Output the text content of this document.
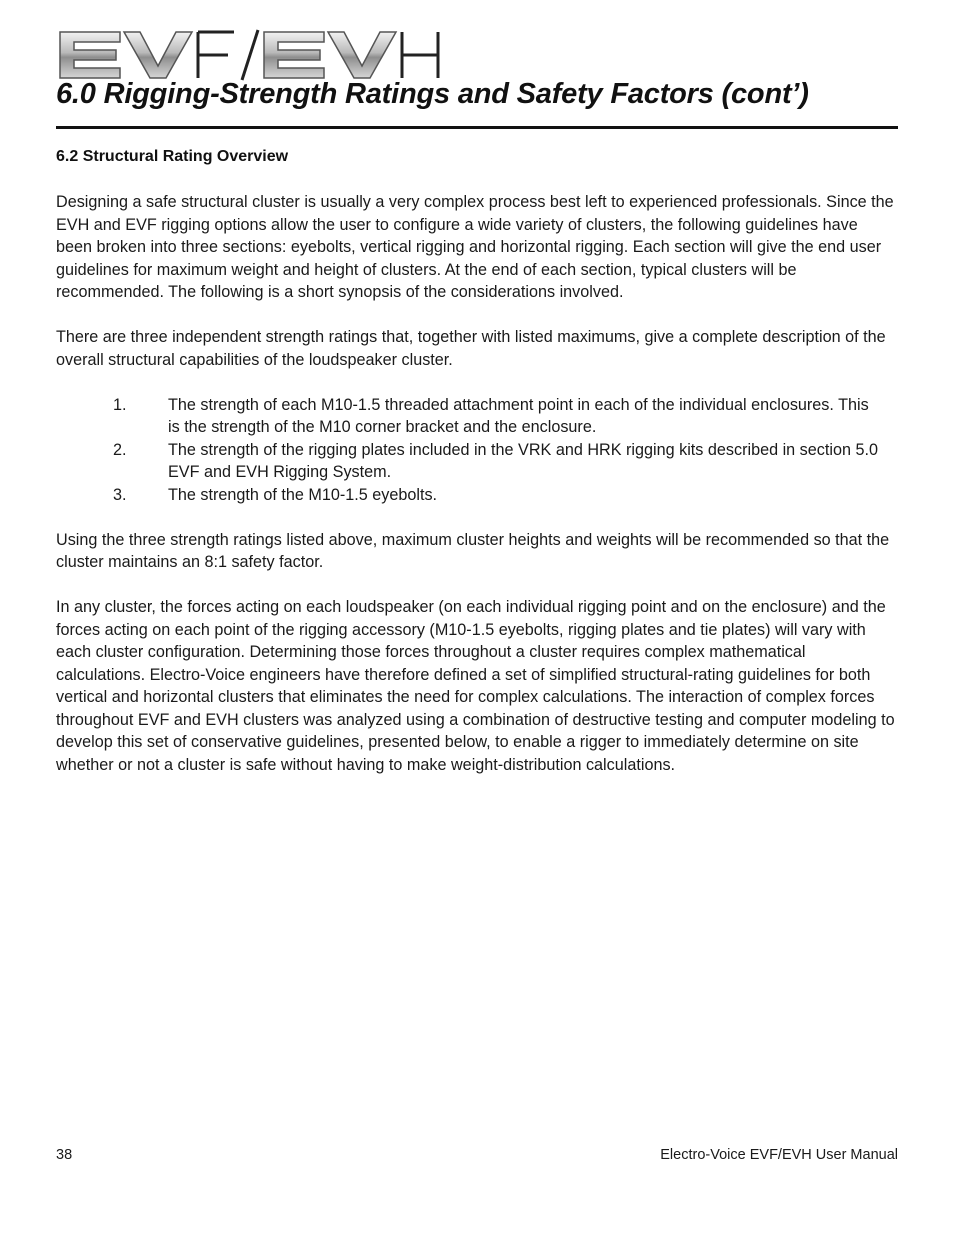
6.0 Rigging-Strength Ratings and Safety Factors (cont’)
6.2 Structural Rating Overview

Designing a safe structural cluster is usually a very complex process best left to experienced professionals. Since the EVH and EVF rigging options allow the user to configure a wide variety of clusters, the following guidelines have been broken into three sections: eyebolts, vertical rigging and horizontal rigging. Each section will give the end user guidelines for maximum weight and height of clusters. At the end of each section, typical clusters will be recommended. The following is a short synopsis of the considerations involved.

There are three independent strength ratings that, together with listed maximums, give a complete description of the overall structural capabilities of the loudspeaker cluster.

1.	The strength of each M10-1.5 threaded attachment point in each of the individual enclosures. This is the strength of the M10 corner bracket and the enclosure.
2.	The strength of the rigging plates included in the VRK and HRK rigging kits described in section 5.0 EVF and EVH Rigging System.
3.	The strength of the M10-1.5 eyebolts.

Using the three strength ratings listed above, maximum cluster heights and weights will be recommended so that the cluster maintains an 8:1 safety factor.

In any cluster, the forces acting on each loudspeaker (on each individual rigging point and on the enclosure) and the forces acting on each point of the rigging accessory (M10-1.5 eyebolts, rigging plates and tie plates) will vary with each cluster configuration. Determining those forces throughout a cluster requires complex mathematical calculations. Electro-Voice engineers have therefore defined a set of simplified structural-rating guidelines for both vertical and horizontal clusters that eliminates the need for complex calculations. The interaction of complex forces throughout EVF and EVH clusters was analyzed using a combination of destructive testing and computer modeling to develop this set of conservative guidelines, presented below, to enable a rigger to immediately determine on site whether or not a cluster is safe without having to make weight-distribution calculations.

38	Electro-Voice EVF/EVH User Manual
